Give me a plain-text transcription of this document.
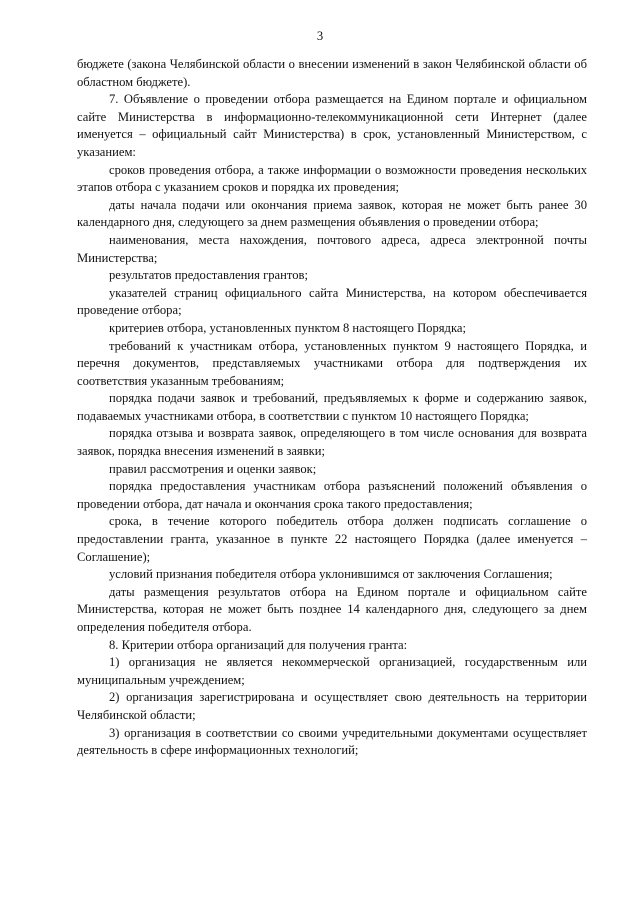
3

бюджете (закона Челябинской области о внесении изменений в закон Челябинской области об областном бюджете).

7. Объявление о проведении отбора размещается на Едином портале и официальном сайте Министерства в информационно-телекоммуникационной сети Интернет (далее именуется – официальный сайт Министерства) в срок, установленный Министерством, с указанием:

сроков проведения отбора, а также информации о возможности проведения нескольких этапов отбора с указанием сроков и порядка их проведения;

даты начала подачи или окончания приема заявок, которая не может быть ранее 30 календарного дня, следующего за днем размещения объявления о проведении отбора;

наименования, места нахождения, почтового адреса, адреса электронной почты Министерства;

результатов предоставления грантов;

указателей страниц официального сайта Министерства, на котором обеспечивается проведение отбора;

критериев отбора, установленных пунктом 8 настоящего Порядка;

требований к участникам отбора, установленных пунктом 9 настоящего Порядка, и перечня документов, представляемых участниками отбора для подтверждения их соответствия указанным требованиям;

порядка подачи заявок и требований, предъявляемых к форме и содержанию заявок, подаваемых участниками отбора, в соответствии с пунктом 10 настоящего Порядка;

порядка отзыва и возврата заявок, определяющего в том числе основания для возврата заявок, порядка внесения изменений в заявки;

правил рассмотрения и оценки заявок;

порядка предоставления участникам отбора разъяснений положений объявления о проведении отбора, дат начала и окончания срока такого предоставления;

срока, в течение которого победитель отбора должен подписать соглашение о предоставлении гранта, указанное в пункте 22 настоящего Порядка (далее именуется – Соглашение);

условий признания победителя отбора уклонившимся от заключения Соглашения;

даты размещения результатов отбора на Едином портале и официальном сайте Министерства, которая не может быть позднее 14 календарного дня, следующего за днем определения победителя отбора.

8. Критерии отбора организаций для получения гранта:

1) организация не является некоммерческой организацией, государственным или муниципальным учреждением;

2) организация зарегистрирована и осуществляет свою деятельность на территории Челябинской области;

3) организация в соответствии со своими учредительными документами осуществляет деятельность в сфере информационных технологий;
